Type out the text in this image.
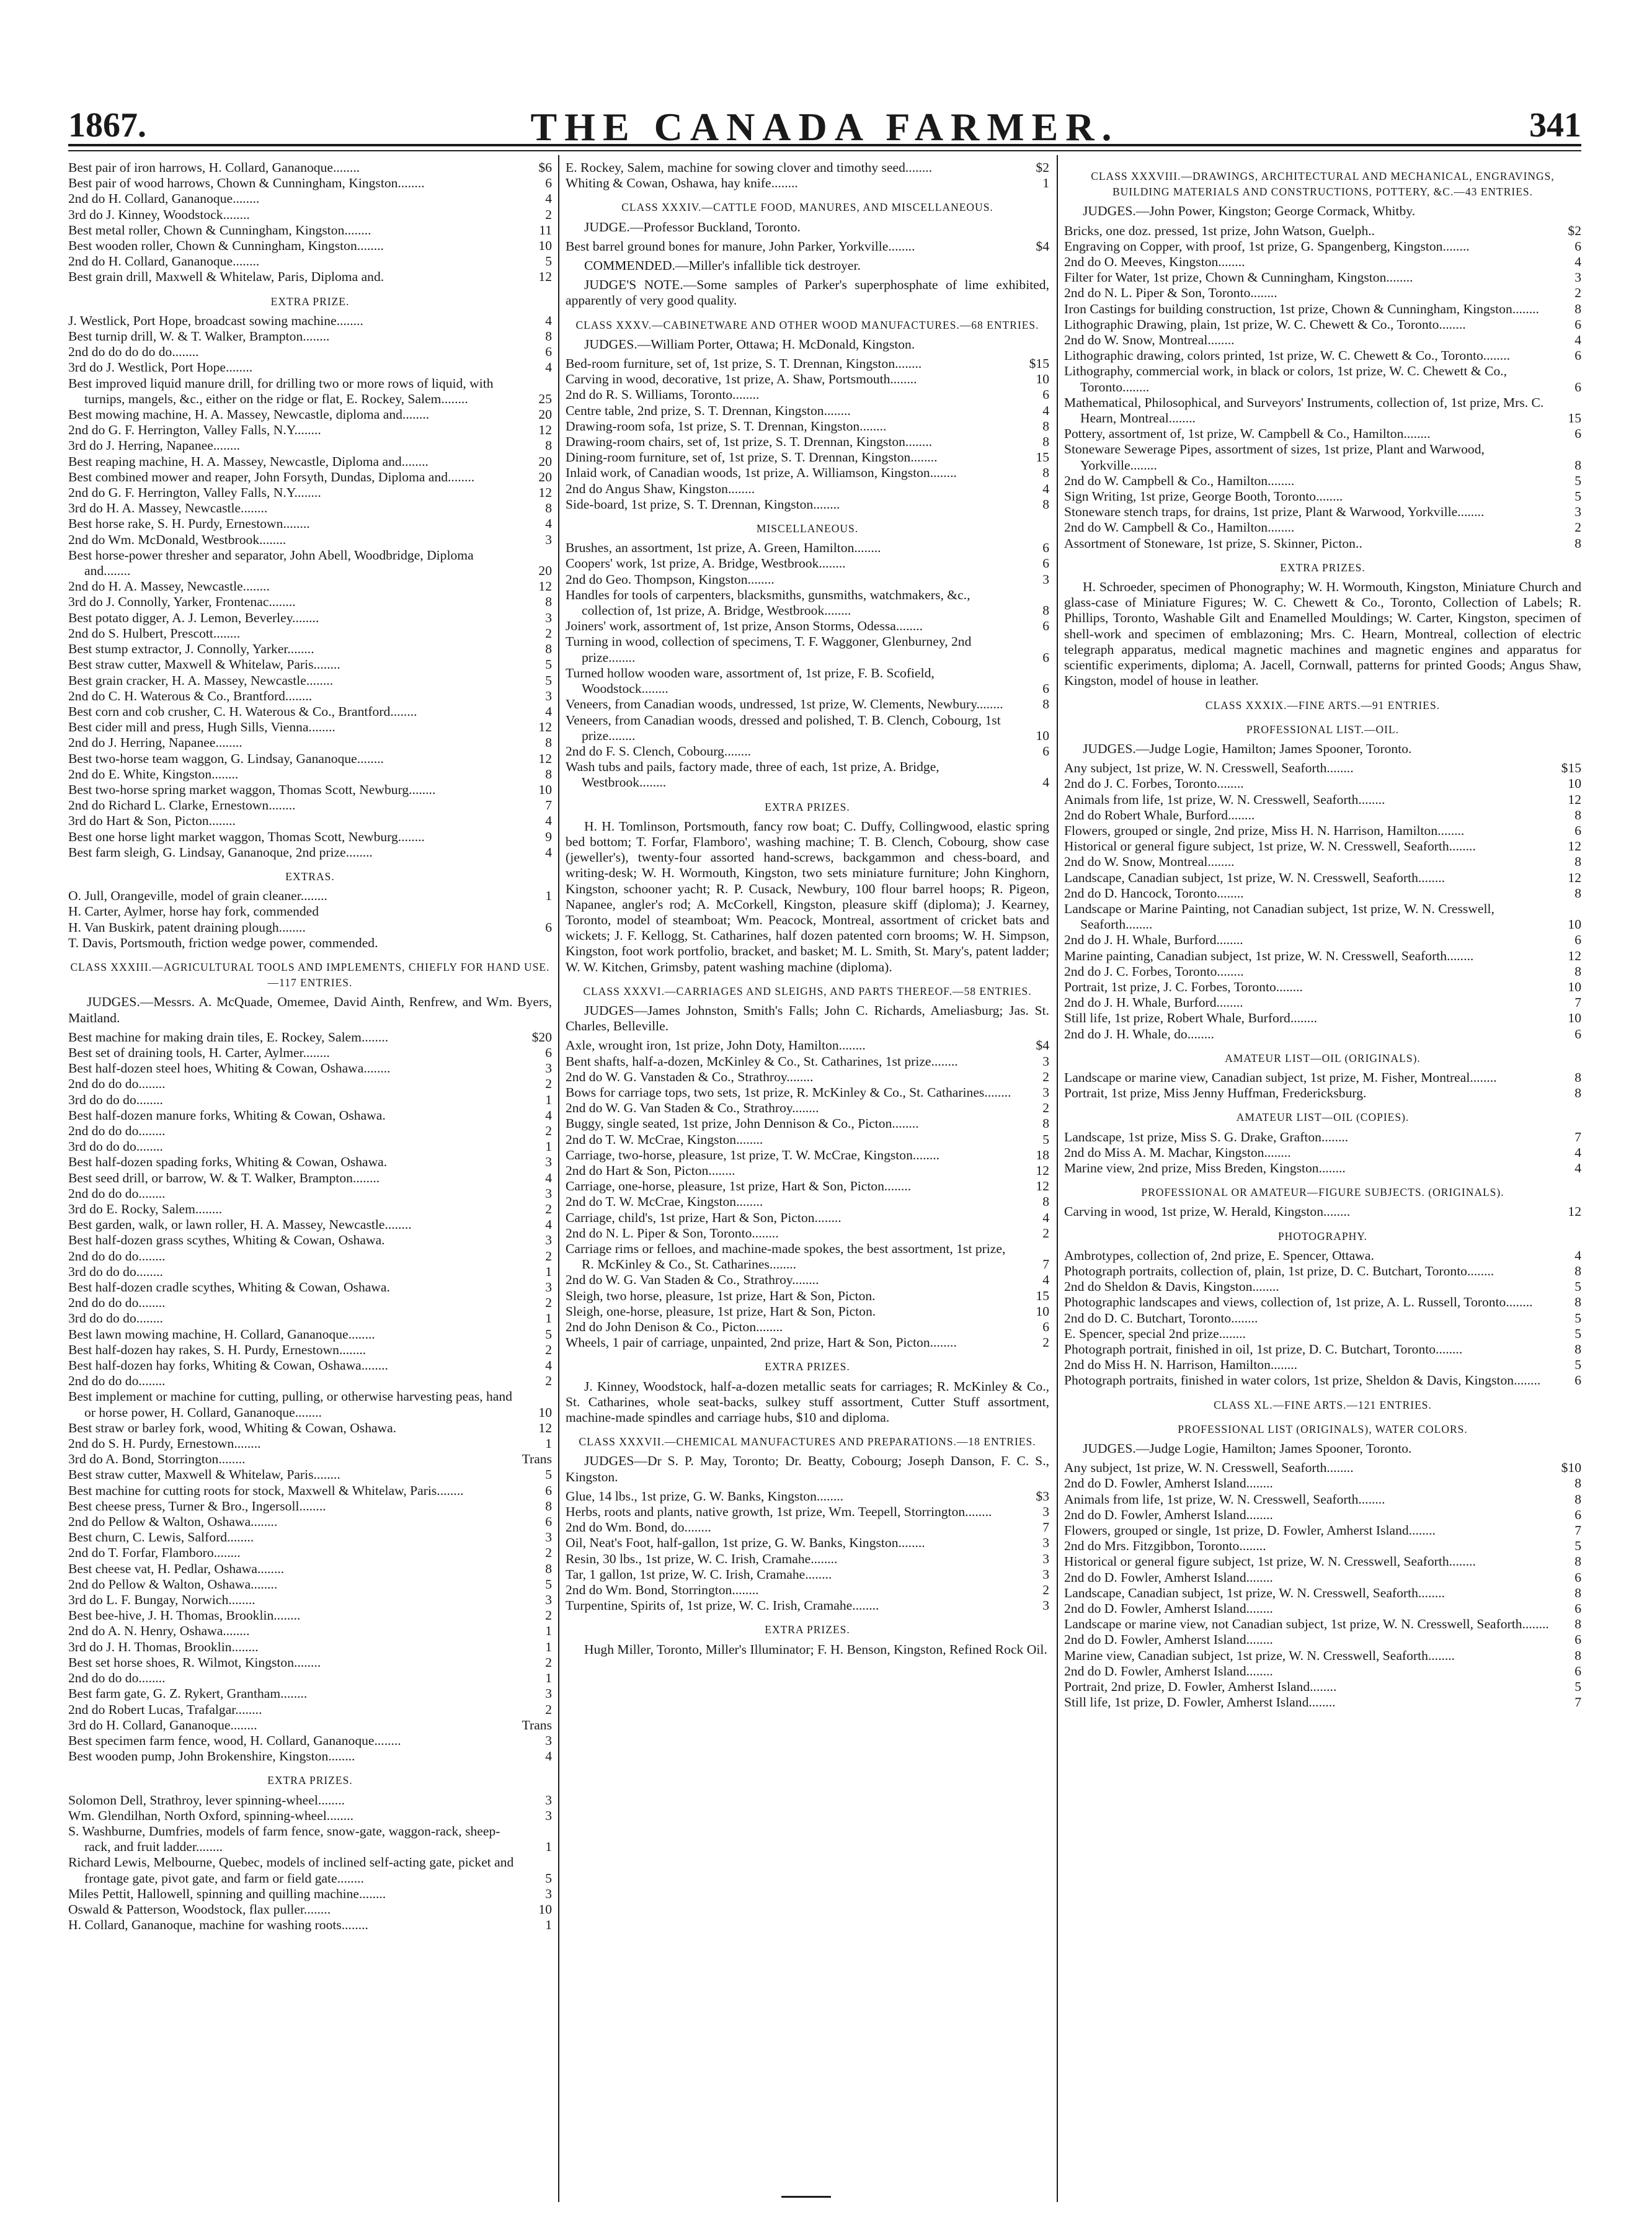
1867.	THE CANADA FARMER.	341
Best pair of iron harrows, H. Collard, Gananoque........	$6
Best pair of wood harrows, Chown & Cunningham, Kingston........	6
2nd do H. Collard, Gananoque........	4
3rd do J. Kinney, Woodstock........	2
Best metal roller, Chown & Cunningham, Kingston........	11
Best wooden roller, Chown & Cunningham, Kingston........	10
2nd do H. Collard, Gananoque........	5
Best grain drill, Maxwell & Whitelaw, Paris, Diploma and.	12
EXTRA PRIZE.
J. Westlick, Port Hope, broadcast sowing machine........	4
Best turnip drill, W. & T. Walker, Brampton........	8
2nd do do do do do........	6
3rd do J. Westlick, Port Hope........	4
Best improved liquid manure drill, for drilling two or more rows of liquid, with turnips, mangels, &c., either on the ridge or flat, E. Rockey, Salem........	25
Best mowing machine, H. A. Massey, Newcastle, diploma and........	20
2nd do G. F. Herrington, Valley Falls, N.Y........	12
3rd do J. Herring, Napanee........	8
Best reaping machine, H. A. Massey, Newcastle, Diploma and........	20
Best combined mower and reaper, John Forsyth, Dundas, Diploma and........	20
2nd do G. F. Herrington, Valley Falls, N.Y........	12
3rd do H. A. Massey, Newcastle........	8
Best horse rake, S. H. Purdy, Ernestown........	4
2nd do Wm. McDonald, Westbrook........	3
Best horse-power thresher and separator, John Abell, Woodbridge, Diploma and........	20
2nd do H. A. Massey, Newcastle........	12
3rd do J. Connolly, Yarker, Frontenac........	8
Best potato digger, A. J. Lemon, Beverley........	3
2nd do S. Hulbert, Prescott........	2
Best stump extractor, J. Connolly, Yarker........	8
Best straw cutter, Maxwell & Whitelaw, Paris........	5
Best grain cracker, H. A. Massey, Newcastle........	5
2nd do C. H. Waterous & Co., Brantford........	3
Best corn and cob crusher, C. H. Waterous & Co., Brantford........	4
Best cider mill and press, Hugh Sills, Vienna........	12
2nd do J. Herring, Napanee........	8
Best two-horse team waggon, G. Lindsay, Gananoque........	12
2nd do E. White, Kingston........	8
Best two-horse spring market waggon, Thomas Scott, Newburg........	10
2nd do Richard L. Clarke, Ernestown........	7
3rd do Hart & Son, Picton........	4
Best one horse light market waggon, Thomas Scott, Newburg........	9
Best farm sleigh, G. Lindsay, Gananoque, 2nd prize........	4
EXTRAS.
O. Jull, Orangeville, model of grain cleaner........	1
H. Carter, Aylmer, horse hay fork, commended
H. Van Buskirk, patent draining plough........	6
T. Davis, Portsmouth, friction wedge power, commended.
CLASS XXXIII.—AGRICULTURAL TOOLS AND IMPLEMENTS, CHIEFLY FOR HAND USE.—117 ENTRIES.
JUDGES.—Messrs. A. McQuade, Omemee, David Ainth, Renfrew, and Wm. Byers, Maitland.
Best machine for making drain tiles, E. Rockey, Salem........	$20
Best set of draining tools, H. Carter, Aylmer........	6
Best half-dozen steel hoes, Whiting & Cowan, Oshawa........	3
2nd do do do........	2
3rd do do do........	1
Best half-dozen manure forks, Whiting & Cowan, Oshawa.	4
2nd do do do........	2
3rd do do do........	1
Best half-dozen spading forks, Whiting & Cowan, Oshawa.	3
Best seed drill, or barrow, W. & T. Walker, Brampton........	4
2nd do do do........	3
3rd do E. Rocky, Salem........	2
Best garden, walk, or lawn roller, H. A. Massey, Newcastle........	4
Best half-dozen grass scythes, Whiting & Cowan, Oshawa.	3
2nd do do do........	2
3rd do do do........	1
Best half-dozen cradle scythes, Whiting & Cowan, Oshawa.	3
2nd do do do........	2
3rd do do do........	1
Best lawn mowing machine, H. Collard, Gananoque........	5
Best half-dozen hay rakes, S. H. Purdy, Ernestown........	2
Best half-dozen hay forks, Whiting & Cowan, Oshawa........	4
2nd do do do........	2
Best implement or machine for cutting, pulling, or otherwise harvesting peas, hand or horse power, H. Collard, Gananoque........	10
Best straw or barley fork, wood, Whiting & Cowan, Oshawa.	12
2nd do S. H. Purdy, Ernestown........	1
3rd do A. Bond, Storrington........	Trans
Best straw cutter, Maxwell & Whitelaw, Paris........	5
Best machine for cutting roots for stock, Maxwell & Whitelaw, Paris........	6
Best cheese press, Turner & Bro., Ingersoll........	8
2nd do Pellow & Walton, Oshawa........	6
Best churn, C. Lewis, Salford........	3
2nd do T. Forfar, Flamboro........	2
Best cheese vat, H. Pedlar, Oshawa........	8
2nd do Pellow & Walton, Oshawa........	5
3rd do L. F. Bungay, Norwich........	3
Best bee-hive, J. H. Thomas, Brooklin........	2
2nd do A. N. Henry, Oshawa........	1
3rd do J. H. Thomas, Brooklin........	1
Best set horse shoes, R. Wilmot, Kingston........	2
2nd do do do........	1
Best farm gate, G. Z. Rykert, Grantham........	3
2nd do Robert Lucas, Trafalgar........	2
3rd do H. Collard, Gananoque........	Trans
Best specimen farm fence, wood, H. Collard, Gananoque........	3
Best wooden pump, John Brokenshire, Kingston........	4
EXTRA PRIZES.
Solomon Dell, Strathroy, lever spinning-wheel........	3
Wm. Glendilhan, North Oxford, spinning-wheel........	3
S. Washburne, Dumfries, models of farm fence, snow-gate, waggon-rack, sheep-rack, and fruit ladder........	1
Richard Lewis, Melbourne, Quebec, models of inclined self-acting gate, picket and frontage gate, pivot gate, and farm or field gate........	5
Miles Pettit, Hallowell, spinning and quilling machine........	3
Oswald & Patterson, Woodstock, flax puller........	10
H. Collard, Gananoque, machine for washing roots........	1
E. Rockey, Salem, machine for sowing clover and timothy seed........	$2
Whiting & Cowan, Oshawa, hay knife........	1
CLASS XXXIV.—CATTLE FOOD, MANURES, AND MISCELLANEOUS.
JUDGE.—Professor Buckland, Toronto.
Best barrel ground bones for manure, John Parker, Yorkville........	$4
COMMENDED.—Miller's infallible tick destroyer.
JUDGE'S NOTE.—Some samples of Parker's superphosphate of lime exhibited, apparently of very good quality.
CLASS XXXV.—CABINETWARE AND OTHER WOOD MANUFACTURES.—68 ENTRIES.
JUDGES.—William Porter, Ottawa; H. McDonald, Kingston.
Bed-room furniture, set of, 1st prize, S. T. Drennan, Kingston........	$15
Carving in wood, decorative, 1st prize, A. Shaw, Portsmouth........	10
2nd do R. S. Williams, Toronto........	6
Centre table, 2nd prize, S. T. Drennan, Kingston........	4
Drawing-room sofa, 1st prize, S. T. Drennan, Kingston........	8
Drawing-room chairs, set of, 1st prize, S. T. Drennan, Kingston........	8
Dining-room furniture, set of, 1st prize, S. T. Drennan, Kingston........	15
Inlaid work, of Canadian woods, 1st prize, A. Williamson, Kingston........	8
2nd do Angus Shaw, Kingston........	4
Side-board, 1st prize, S. T. Drennan, Kingston........	8
MISCELLANEOUS.
Brushes, an assortment, 1st prize, A. Green, Hamilton........	6
Coopers' work, 1st prize, A. Bridge, Westbrook........	6
2nd do Geo. Thompson, Kingston........	3
Handles for tools of carpenters, blacksmiths, gunsmiths, watchmakers, &c., collection of, 1st prize, A. Bridge, Westbrook........	8
Joiners' work, assortment of, 1st prize, Anson Storms, Odessa........	6
Turning in wood, collection of specimens, T. F. Waggoner, Glenburney, 2nd prize........	6
Turned hollow wooden ware, assortment of, 1st prize, F. B. Scofield, Woodstock........	6
Veneers, from Canadian woods, undressed, 1st prize, W. Clements, Newbury........	8
Veneers, from Canadian woods, dressed and polished, T. B. Clench, Cobourg, 1st prize........	10
2nd do F. S. Clench, Cobourg........	6
Wash tubs and pails, factory made, three of each, 1st prize, A. Bridge, Westbrook........	4
EXTRA PRIZES.
H. H. Tomlinson, Portsmouth, fancy row boat; C. Duffy, Collingwood, elastic spring bed bottom; T. Forfar, Flamboro', washing machine; T. B. Clench, Cobourg, show case (jeweller's), twenty-four assorted hand-screws, backgammon and chess-board, and writing-desk; W. H. Wormouth, Kingston, two sets miniature furniture; John Kinghorn, Kingston, schooner yacht; R. P. Cusack, Newbury, 100 flour barrel hoops; R. Pigeon, Napanee, angler's rod; A. McCorkell, Kingston, pleasure skiff (diploma); J. Kearney, Toronto, model of steamboat; Wm. Peacock, Montreal, assortment of cricket bats and wickets; J. F. Kellogg, St. Catharines, half dozen patented corn brooms; W. H. Simpson, Kingston, foot work portfolio, bracket, and basket; M. L. Smith, St. Mary's, patent ladder; W. W. Kitchen, Grimsby, patent washing machine (diploma).
CLASS XXXVI.—CARRIAGES AND SLEIGHS, AND PARTS THEREOF.—58 ENTRIES.
JUDGES—James Johnston, Smith's Falls; John C. Richards, Ameliasburg; Jas. St. Charles, Belleville.
Axle, wrought iron, 1st prize, John Doty, Hamilton........	$4
Bent shafts, half-a-dozen, McKinley & Co., St. Catharines, 1st prize........	3
2nd do W. G. Vanstaden & Co., Strathroy........	2
Bows for carriage tops, two sets, 1st prize, R. McKinley & Co., St. Catharines........ 3
2nd do W. G. Van Staden & Co., Strathroy........	2
Buggy, single seated, 1st prize, John Dennison & Co., Picton........	8
2nd do T. W. McCrae, Kingston........	5
Carriage, two-horse, pleasure, 1st prize, T. W. McCrae, Kingston........	18
2nd do Hart & Son, Picton........	12
Carriage, one-horse, pleasure, 1st prize, Hart & Son, Picton........	12
2nd do T. W. McCrae, Kingston........	8
Carriage, child's, 1st prize, Hart & Son, Picton........	4
2nd do N. L. Piper & Son, Toronto........	2
Carriage rims or felloes, and machine-made spokes, the best assortment, 1st prize, R. McKinley & Co., St. Catharines........	7
2nd do W. G. Van Staden & Co., Strathroy........	4
Sleigh, two horse, pleasure, 1st prize, Hart & Son, Picton.	15
Sleigh, one-horse, pleasure, 1st prize, Hart & Son, Picton.	10
2nd do John Denison & Co., Picton........	6
Wheels, 1 pair of carriage, unpainted, 2nd prize, Hart & Son, Picton........	2
EXTRA PRIZES.
J. Kinney, Woodstock, half-a-dozen metallic seats for carriages; R. McKinley & Co., St. Catharines, whole seat-backs, sulkey stuff assortment, Cutter Stuff assortment, machine-made spindles and carriage hubs, $10 and diploma.
CLASS XXXVII.—CHEMICAL MANUFACTURES AND PREPARATIONS.—18 ENTRIES.
JUDGES—Dr S. P. May, Toronto; Dr. Beatty, Cobourg; Joseph Danson, F. C. S., Kingston.
Glue, 14 lbs., 1st prize, G. W. Banks, Kingston........	$3
Herbs, roots and plants, native growth, 1st prize, Wm. Teepell, Storrington........	3
2nd do Wm. Bond, do........	7
Oil, Neat's Foot, half-gallon, 1st prize, G. W. Banks, Kingston........	3
Resin, 30 lbs., 1st prize, W. C. Irish, Cramahe........	3
Tar, 1 gallon, 1st prize, W. C. Irish, Cramahe........	3
2nd do Wm. Bond, Storrington........	2
Turpentine, Spirits of, 1st prize, W. C. Irish, Cramahe........	3
EXTRA PRIZES.
Hugh Miller, Toronto, Miller's Illuminator; F. H. Benson, Kingston, Refined Rock Oil.
CLASS XXXVIII.—DRAWINGS, ARCHITECTURAL AND MECHANICAL, ENGRAVINGS, BUILDING MATERIALS AND CONSTRUCTIONS, POTTERY, &C.—43 ENTRIES.
JUDGES.—John Power, Kingston; George Cormack, Whitby.
Bricks, one doz. pressed, 1st prize, John Watson, Guelph..	$2
Engraving on Copper, with proof, 1st prize, G. Spangenberg, Kingston........	6
2nd do O. Meeves, Kingston........	4
Filter for Water, 1st prize, Chown & Cunningham, Kingston........	3
2nd do N. L. Piper & Son, Toronto........	2
Iron Castings for building construction, 1st prize, Chown & Cunningham, Kingston........	8
Lithographic Drawing, plain, 1st prize, W. C. Chewett & Co., Toronto........	6
2nd do W. Snow, Montreal........	4
Lithographic drawing, colors printed, 1st prize, W. C. Chewett & Co., Toronto........	6
Lithography, commercial work, in black or colors, 1st prize, W. C. Chewett & Co., Toronto........	6
Mathematical, Philosophical, and Surveyors' Instruments, collection of, 1st prize, Mrs. C. Hearn, Montreal........	15
Pottery, assortment of, 1st prize, W. Campbell & Co., Hamilton........	6
Stoneware Sewerage Pipes, assortment of sizes, 1st prize, Plant and Warwood, Yorkville........	8
2nd do W. Campbell & Co., Hamilton........	5
Sign Writing, 1st prize, George Booth, Toronto........	5
Stoneware stench traps, for drains, 1st prize, Plant & Warwood, Yorkville........	3
2nd do W. Campbell & Co., Hamilton........	2
Assortment of Stoneware, 1st prize, S. Skinner, Picton..	8
EXTRA PRIZES.
H. Schroeder, specimen of Phonography; W. H. Wormouth, Kingston, Miniature Church and glass-case of Miniature Figures; W. C. Chewett & Co., Toronto, Collection of Labels; R. Phillips, Toronto, Washable Gilt and Enamelled Mouldings; W. Carter, Kingston, specimen of shell-work and specimen of emblazoning; Mrs. C. Hearn, Montreal, collection of electric telegraph apparatus, medical magnetic machines and magnetic engines and apparatus for scientific experiments, diploma; A. Jacell, Cornwall, patterns for printed Goods; Angus Shaw, Kingston, model of house in leather.
CLASS XXXIX.—FINE ARTS.—91 ENTRIES.
PROFESSIONAL LIST.—OIL.
JUDGES.—Judge Logie, Hamilton; James Spooner, Toronto.
Any subject, 1st prize, W. N. Cresswell, Seaforth........	$15
2nd do J. C. Forbes, Toronto........	10
Animals from life, 1st prize, W. N. Cresswell, Seaforth........	12
2nd do Robert Whale, Burford........	8
Flowers, grouped or single, 2nd prize, Miss H. N. Harrison, Hamilton........	6
Historical or general figure subject, 1st prize, W. N. Cresswell, Seaforth........	12
2nd do W. Snow, Montreal........	8
Landscape, Canadian subject, 1st prize, W. N. Cresswell, Seaforth........	12
2nd do D. Hancock, Toronto........	8
Landscape or Marine Painting, not Canadian subject, 1st prize, W. N. Cresswell, Seaforth........	10
2nd do J. H. Whale, Burford........	6
Marine painting, Canadian subject, 1st prize, W. N. Cresswell, Seaforth........	12
2nd do J. C. Forbes, Toronto........	8
Portrait, 1st prize, J. C. Forbes, Toronto........	10
2nd do J. H. Whale, Burford........	7
Still life, 1st prize, Robert Whale, Burford........	10
2nd do J. H. Whale, do........	6
AMATEUR LIST—OIL (ORIGINALS).
Landscape or marine view, Canadian subject, 1st prize, M. Fisher, Montreal........	8
Portrait, 1st prize, Miss Jenny Huffman, Fredericksburg.	8
AMATEUR LIST—OIL (COPIES).
Landscape, 1st prize, Miss S. G. Drake, Grafton........	7
2nd do Miss A. M. Machar, Kingston........	4
Marine view, 2nd prize, Miss Breden, Kingston........	4
PROFESSIONAL OR AMATEUR—FIGURE SUBJECTS. (ORIGINALS).
Carving in wood, 1st prize, W. Herald, Kingston........	12
PHOTOGRAPHY.
Ambrotypes, collection of, 2nd prize, E. Spencer, Ottawa.	4
Photograph portraits, collection of, plain, 1st prize, D. C. Butchart, Toronto........	8
2nd do Sheldon & Davis, Kingston........	5
Photographic landscapes and views, collection of, 1st prize, A. L. Russell, Toronto........	8
2nd do D. C. Butchart, Toronto........	5
E. Spencer, special 2nd prize........	5
Photograph portrait, finished in oil, 1st prize, D. C. Butchart, Toronto........	8
2nd do Miss H. N. Harrison, Hamilton........	5
Photograph portraits, finished in water colors, 1st prize, Sheldon & Davis, Kingston........	6
CLASS XL.—FINE ARTS.—121 ENTRIES.
PROFESSIONAL LIST (ORIGINALS), WATER COLORS.
JUDGES.—Judge Logie, Hamilton; James Spooner, Toronto.
Any subject, 1st prize, W. N. Cresswell, Seaforth........	$10
2nd do D. Fowler, Amherst Island........	8
Animals from life, 1st prize, W. N. Cresswell, Seaforth........	8
2nd do D. Fowler, Amherst Island........	6
Flowers, grouped or single, 1st prize, D. Fowler, Amherst Island........	7
2nd do Mrs. Fitzgibbon, Toronto........	5
Historical or general figure subject, 1st prize, W. N. Cresswell, Seaforth........	8
2nd do D. Fowler, Amherst Island........	6
Landscape, Canadian subject, 1st prize, W. N. Cresswell, Seaforth........	8
2nd do D. Fowler, Amherst Island........	6
Landscape or marine view, not Canadian subject, 1st prize, W. N. Cresswell, Seaforth........ 8
2nd do D. Fowler, Amherst Island........	6
Marine view, Canadian subject, 1st prize, W. N. Cresswell, Seaforth........	8
2nd do D. Fowler, Amherst Island........	6
Portrait, 2nd prize, D. Fowler, Amherst Island........	5
Still life, 1st prize, D. Fowler, Amherst Island........	7
